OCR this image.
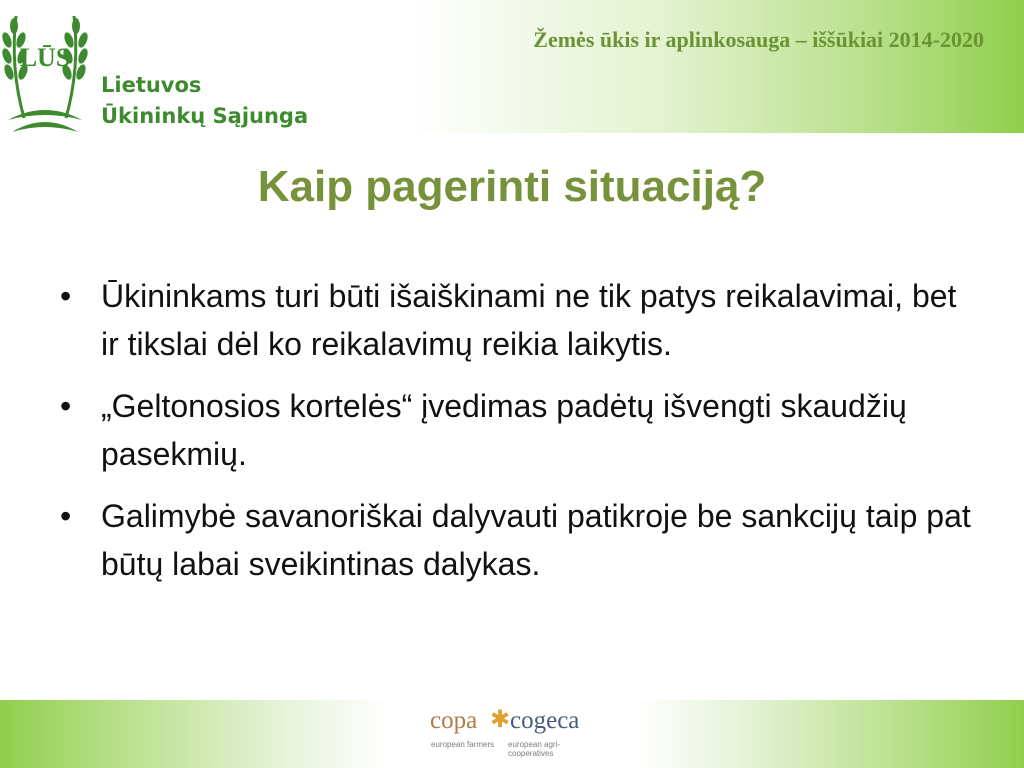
LŪS
Lietuvos
Ūkininkų Sąjunga
Žemės ūkis ir aplinkosauga – iššūkiai 2014-2020
Kaip pagerinti situaciją?
• Ūkininkams turi būti išaiškinami ne tik patys reikalavimai, bet ir tikslai dėl ko reikalavimų reikia laikytis.
• „Geltonosios kortelės“ įvedimas padėtų išvengti skaudžių pasekmių.
• Galimybė savanoriškai dalyvauti patikroje be sankcijų taip pat būtų labai sveikintinas dalykas.
copa ✱ cogeca
european farmers european agri-cooperatives
